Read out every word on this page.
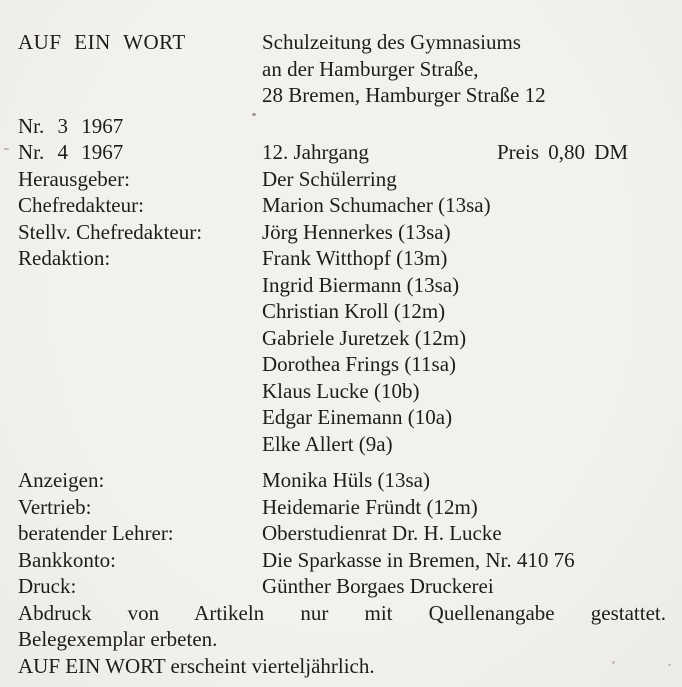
AUF EIN WORT	Schulzeitung des Gymnasiums
an der Hamburger Straße,
28 Bremen, Hamburger Straße 12
Nr. 3 1967
Nr. 4 1967	12. Jahrgang	Preis 0,80 DM
Herausgeber:	Der Schülerring
Chefredakteur:	Marion Schumacher (13sa)
Stellv. Chefredakteur:	Jörg Hennerkes (13sa)
Redaktion:	Frank Witthopf (13m)
Ingrid Biermann (13sa)
Christian Kroll (12m)
Gabriele Juretzek (12m)
Dorothea Frings (11sa)
Klaus Lucke (10b)
Edgar Einemann (10a)
Elke Allert (9a)
Anzeigen:	Monika Hüls (13sa)
Vertrieb:	Heidemarie Fründt (12m)
beratender Lehrer:	Oberstudienrat Dr. H. Lucke
Bankkonto:	Die Sparkasse in Bremen, Nr. 410 76
Druck:	Günther Borgaes Druckerei
Abdruck von Artikeln nur mit Quellenangabe gestattet.
Belegexemplar erbeten.
AUF EIN WORT erscheint vierteljährlich.
